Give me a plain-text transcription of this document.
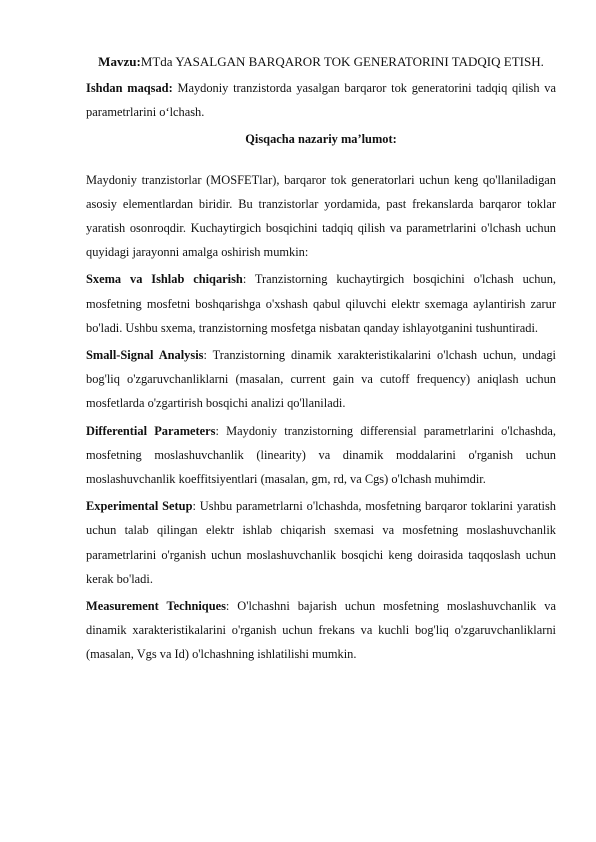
Mavzu:MTda YASALGAN BARQAROR TOK GENERATORINI TADQIQ ETISH.

Ishdan maqsad: Maydoniy tranzistorda yasalgan barqaror tok generatorini tadqiq qilish va parametrlarini o‘lchash.

Qisqacha nazariy ma’lumot:

Maydoniy tranzistorlar (MOSFETlar), barqaror tok generatorlari uchun keng qo'llaniladigan asosiy elementlardan biridir. Bu tranzistorlar yordamida, past frekanslarda barqaror toklar yaratish osonroqdir. Kuchaytirgich bosqichini tadqiq qilish va parametrlarini o'lchash uchun quyidagi jarayonni amalga oshirish mumkin:

Sxema va Ishlab chiqarish: Tranzistorning kuchaytirgich bosqichini o'lchash uchun, mosfetning mosfetni boshqarishga o'xshash qabul qiluvchi elektr sxemaga aylantirish zarur bo'ladi. Ushbu sxema, tranzistorning mosfetga nisbatan qanday ishlayotganini tushuntiradi.

Small-Signal Analysis: Tranzistorning dinamik xarakteristikalarini o'lchash uchun, undagi bog'liq o'zgaruvchanliklarni (masalan, current gain va cutoff frequency) aniqlash uchun mosfetlarda o'zgartirish bosqichi analizi qo'llaniladi.

Differential Parameters: Maydoniy tranzistorning differensial parametrlarini o'lchashda, mosfetning moslashuvchanlik (linearity) va dinamik moddalarini o'rganish uchun moslashuvchanlik koeffitsiyentlari (masalan, gm, rd, va Cgs) o'lchash muhimdir.

Experimental Setup: Ushbu parametrlarni o'lchashda, mosfetning barqaror toklarini yaratish uchun talab qilingan elektr ishlab chiqarish sxemasi va mosfetning moslashuvchanlik parametrlarini o'rganish uchun moslashuvchanlik bosqichi keng doirasida taqqoslash uchun kerak bo'ladi.

Measurement Techniques: O'lchashni bajarish uchun mosfetning moslashuvchanlik va dinamik xarakteristikalarini o'rganish uchun frekans va kuchli bog'liq o'zgaruvchanliklarni (masalan, Vgs va Id) o'lchashning ishlatilishi mumkin.
